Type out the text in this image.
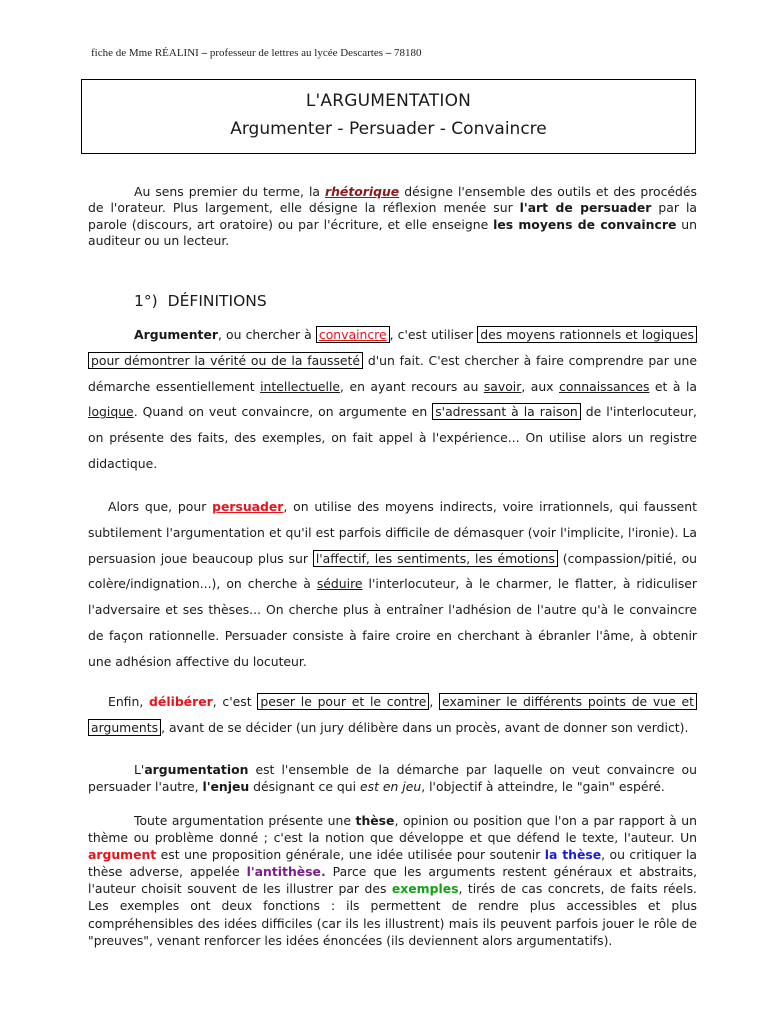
fiche de Mme RÉALINI – professeur de lettres au lycée Descartes – 78180
L'ARGUMENTATION
Argumenter - Persuader - Convaincre

Au sens premier du terme, la rhétorique désigne l'ensemble des outils et des procédés de l'orateur. Plus largement, elle désigne la réflexion menée sur l'art de persuader par la parole (discours, art oratoire) ou par l'écriture, et elle enseigne les moyens de convaincre un auditeur ou un lecteur.

1°) DÉFINITIONS

Argumenter, ou chercher à convaincre , c'est utiliser des moyens rationnels et logiques pour démontrer la vérité ou de la fausseté d'un fait. C'est chercher à faire comprendre par une démarche essentiellement intellectuelle, en ayant recours au savoir, aux connaissances et à la logique. Quand on veut convaincre, on argumente en s'adressant à la raison de l'interlocuteur, on présente des faits, des exemples, on fait appel à l'expérience... On utilise alors un registre didactique.

Alors que, pour persuader, on utilise des moyens indirects, voire irrationnels, qui faussent subtilement l'argumentation et qu'il est parfois difficile de démasquer (voir l'implicite, l'ironie). La persuasion joue beaucoup plus sur l'affectif, les sentiments, les émotions (compassion/pitié, ou colère/indignation...), on cherche à séduire l'interlocuteur, à le charmer, le flatter, à ridiculiser l'adversaire et ses thèses... On cherche plus à entraîner l'adhésion de l'autre qu'à le convaincre de façon rationnelle. Persuader consiste à faire croire en cherchant à ébranler l'âme, à obtenir une adhésion affective du locuteur.

Enfin, délibérer, c'est peser le pour et le contre , examiner le différents points de vue et arguments , avant de se décider (un jury délibère dans un procès, avant de donner son verdict).

L'argumentation est l'ensemble de la démarche par laquelle on veut convaincre ou persuader l'autre, l'enjeu désignant ce qui est en jeu, l'objectif à atteindre, le "gain" espéré.

Toute argumentation présente une thèse, opinion ou position que l'on a par rapport à un thème ou problème donné ; c'est la notion que développe et que défend le texte, l'auteur. Un argument est une proposition générale, une idée utilisée pour soutenir la thèse, ou critiquer la thèse adverse, appelée l'antithèse. Parce que les arguments restent généraux et abstraits, l'auteur choisit souvent de les illustrer par des exemples, tirés de cas concrets, de faits réels. Les exemples ont deux fonctions : ils permettent de rendre plus accessibles et plus compréhensibles des idées difficiles (car ils les illustrent) mais ils peuvent parfois jouer le rôle de "preuves", venant renforcer les idées énoncées (ils deviennent alors argumentatifs).
